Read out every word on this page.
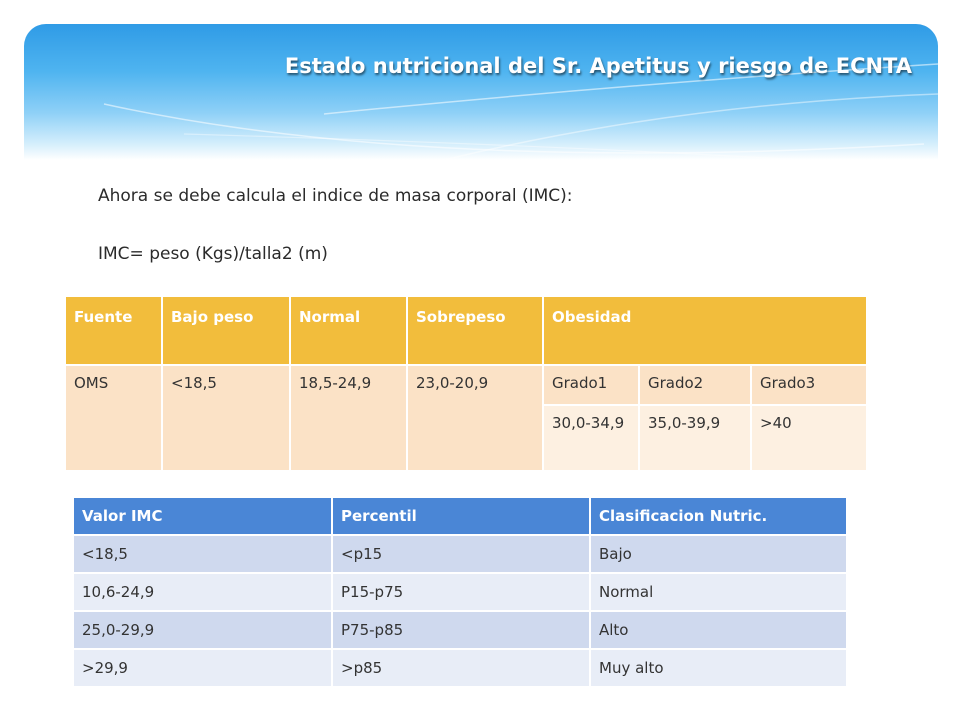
Estado nutricional del Sr. Apetitus y riesgo de ECNTA
Ahora se debe calcula el indice de masa corporal (IMC):
IMC= peso (Kgs)/talla2 (m)
Fuente	Bajo peso	Normal	Sobrepeso	Obesidad		
OMS	<18,5	18,5-24,9	23,0-20,9	Grado1	Grado2	Grado3
				30,0-34,9	35,0-39,9	>40
Valor IMC	Percentil	Clasificacion Nutric.
<18,5	<p15	Bajo
10,6-24,9	P15-p75	Normal
25,0-29,9	P75-p85	Alto
>29,9	>p85	Muy alto
